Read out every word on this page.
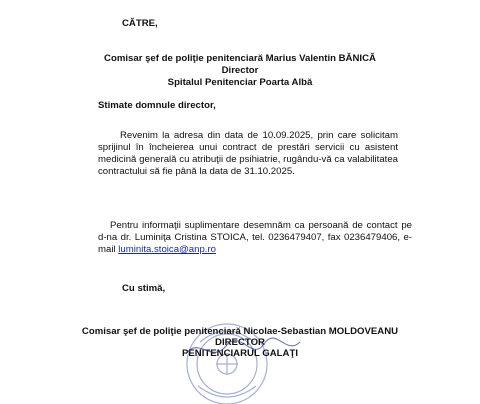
CĂTRE,
Comisar şef de poliţie penitenciară Marius Valentin BĂNICĂ
Director
Spitalul Penitenciar Poarta Albă
Stimate domnule director,
Revenim la adresa din data de 10.09.2025, prin care solicitam sprijinul în încheierea unui contract de prestări servicii cu asistent medicină generală cu atribuţii de psihiatrie, rugându-vă ca valabilitatea contractului să fie până la data de 31.10.2025.
Pentru informaţii suplimentare desemnăm ca persoană de contact pe d-na dr. Luminiţa Cristina STOICA, tel. 0236479407, fax 0236479406, e-mail luminita.stoica@anp.ro
Cu stimă,
Comisar şef de poliţie penitenciară Nicolae-Sebastian MOLDOVEANU
DIRECTOR
PENITENCIARUL GALAŢI
